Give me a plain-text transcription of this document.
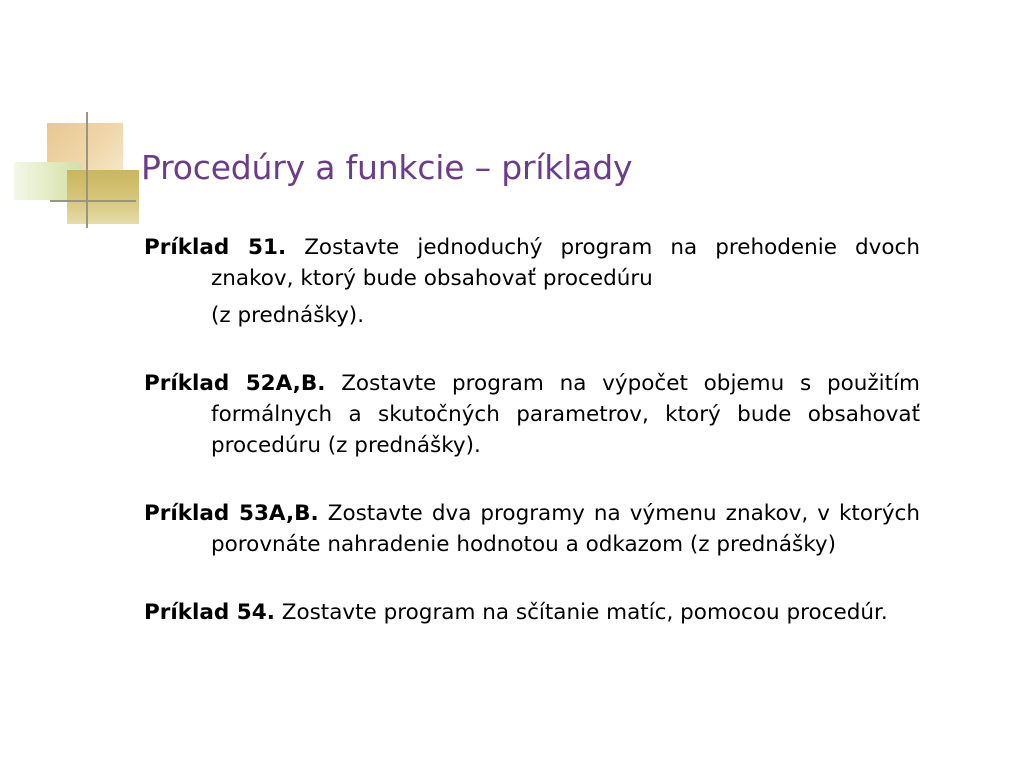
Procedúry a funkcie – príklady

Príklad 51. Zostavte jednoduchý program na prehodenie dvoch znakov, ktorý bude obsahovať procedúru
(z prednášky).

Príklad 52A,B. Zostavte program na výpočet objemu s použitím formálnych a skutočných parametrov, ktorý bude obsahovať procedúru (z prednášky).

Príklad 53A,B. Zostavte dva programy na výmenu znakov, v ktorých porovnáte nahradenie hodnotou a odkazom (z prednášky)

Príklad 54. Zostavte program na sčítanie matíc, pomocou procedúr.
